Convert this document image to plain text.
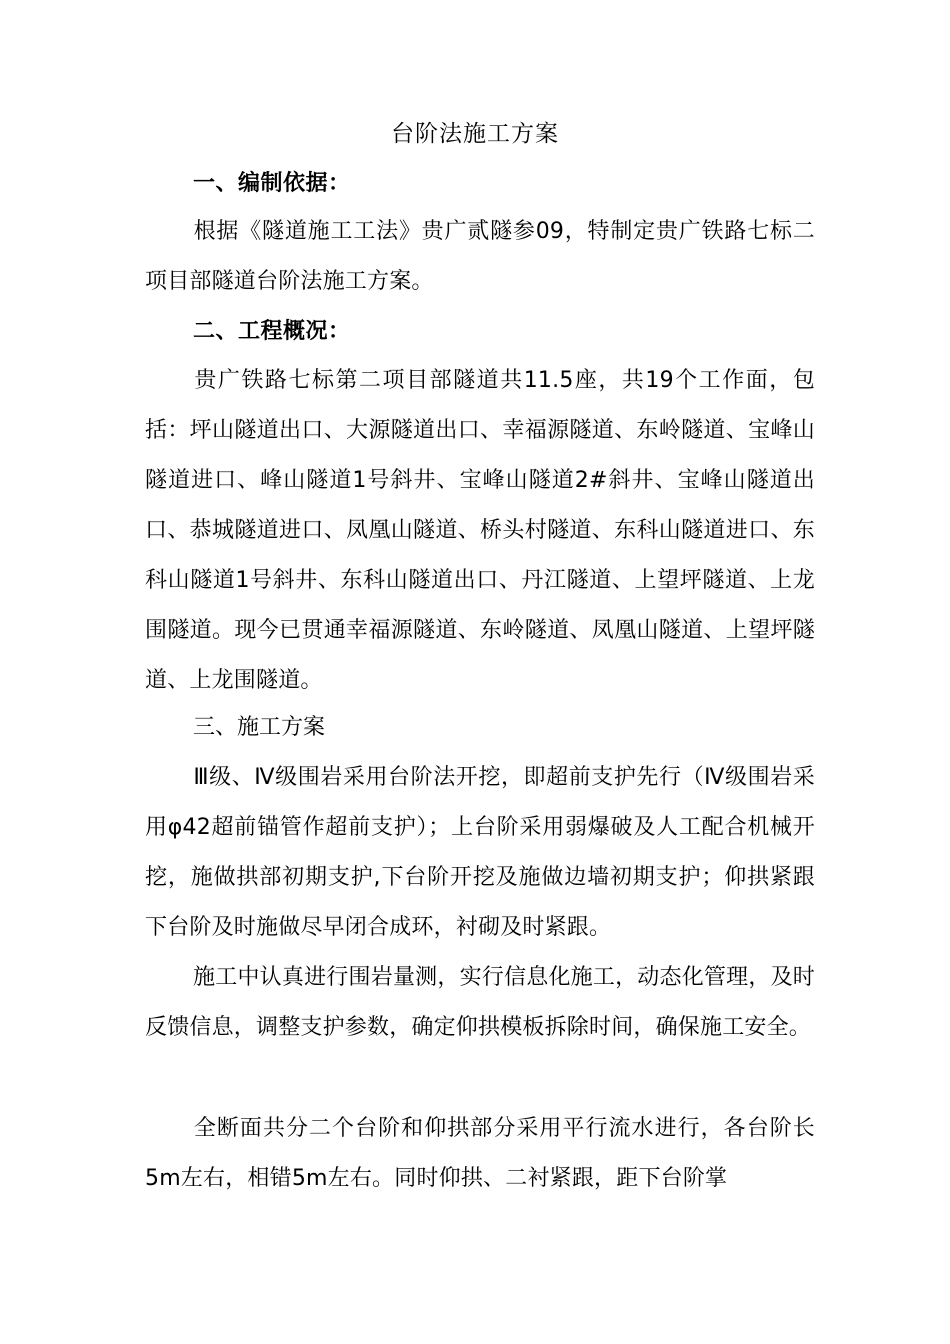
台阶法施工方案
一、编制依据：
根据《隧道施工工法》贵广贰隧参09，特制定贵广铁路七标二项目部隧道台阶法施工方案。
二、工程概况：
贵广铁路七标第二项目部隧道共11.5座，共19个工作面，包括：坪山隧道出口、大源隧道出口、幸福源隧道、东岭隧道、宝峰山隧道进口、峰山隧道1号斜井、宝峰山隧道2#斜井、宝峰山隧道出口、恭城隧道进口、凤凰山隧道、桥头村隧道、东科山隧道进口、东科山隧道1号斜井、东科山隧道出口、丹江隧道、上望坪隧道、上龙围隧道。现今已贯通幸福源隧道、东岭隧道、凤凰山隧道、上望坪隧道、上龙围隧道。
三、施工方案
Ⅲ级、Ⅳ级围岩采用台阶法开挖，即超前支护先行（Ⅳ级围岩采用φ42超前锚管作超前支护）；上台阶采用弱爆破及人工配合机械开挖，施做拱部初期支护,下台阶开挖及施做边墙初期支护；仰拱紧跟下台阶及时施做尽早闭合成环，衬砌及时紧跟。
施工中认真进行围岩量测，实行信息化施工，动态化管理，及时反馈信息，调整支护参数，确定仰拱模板拆除时间，确保施工安全。
全断面共分二个台阶和仰拱部分采用平行流水进行，各台阶长5m左右，相错5m左右。同时仰拱、二衬紧跟，距下台阶掌
